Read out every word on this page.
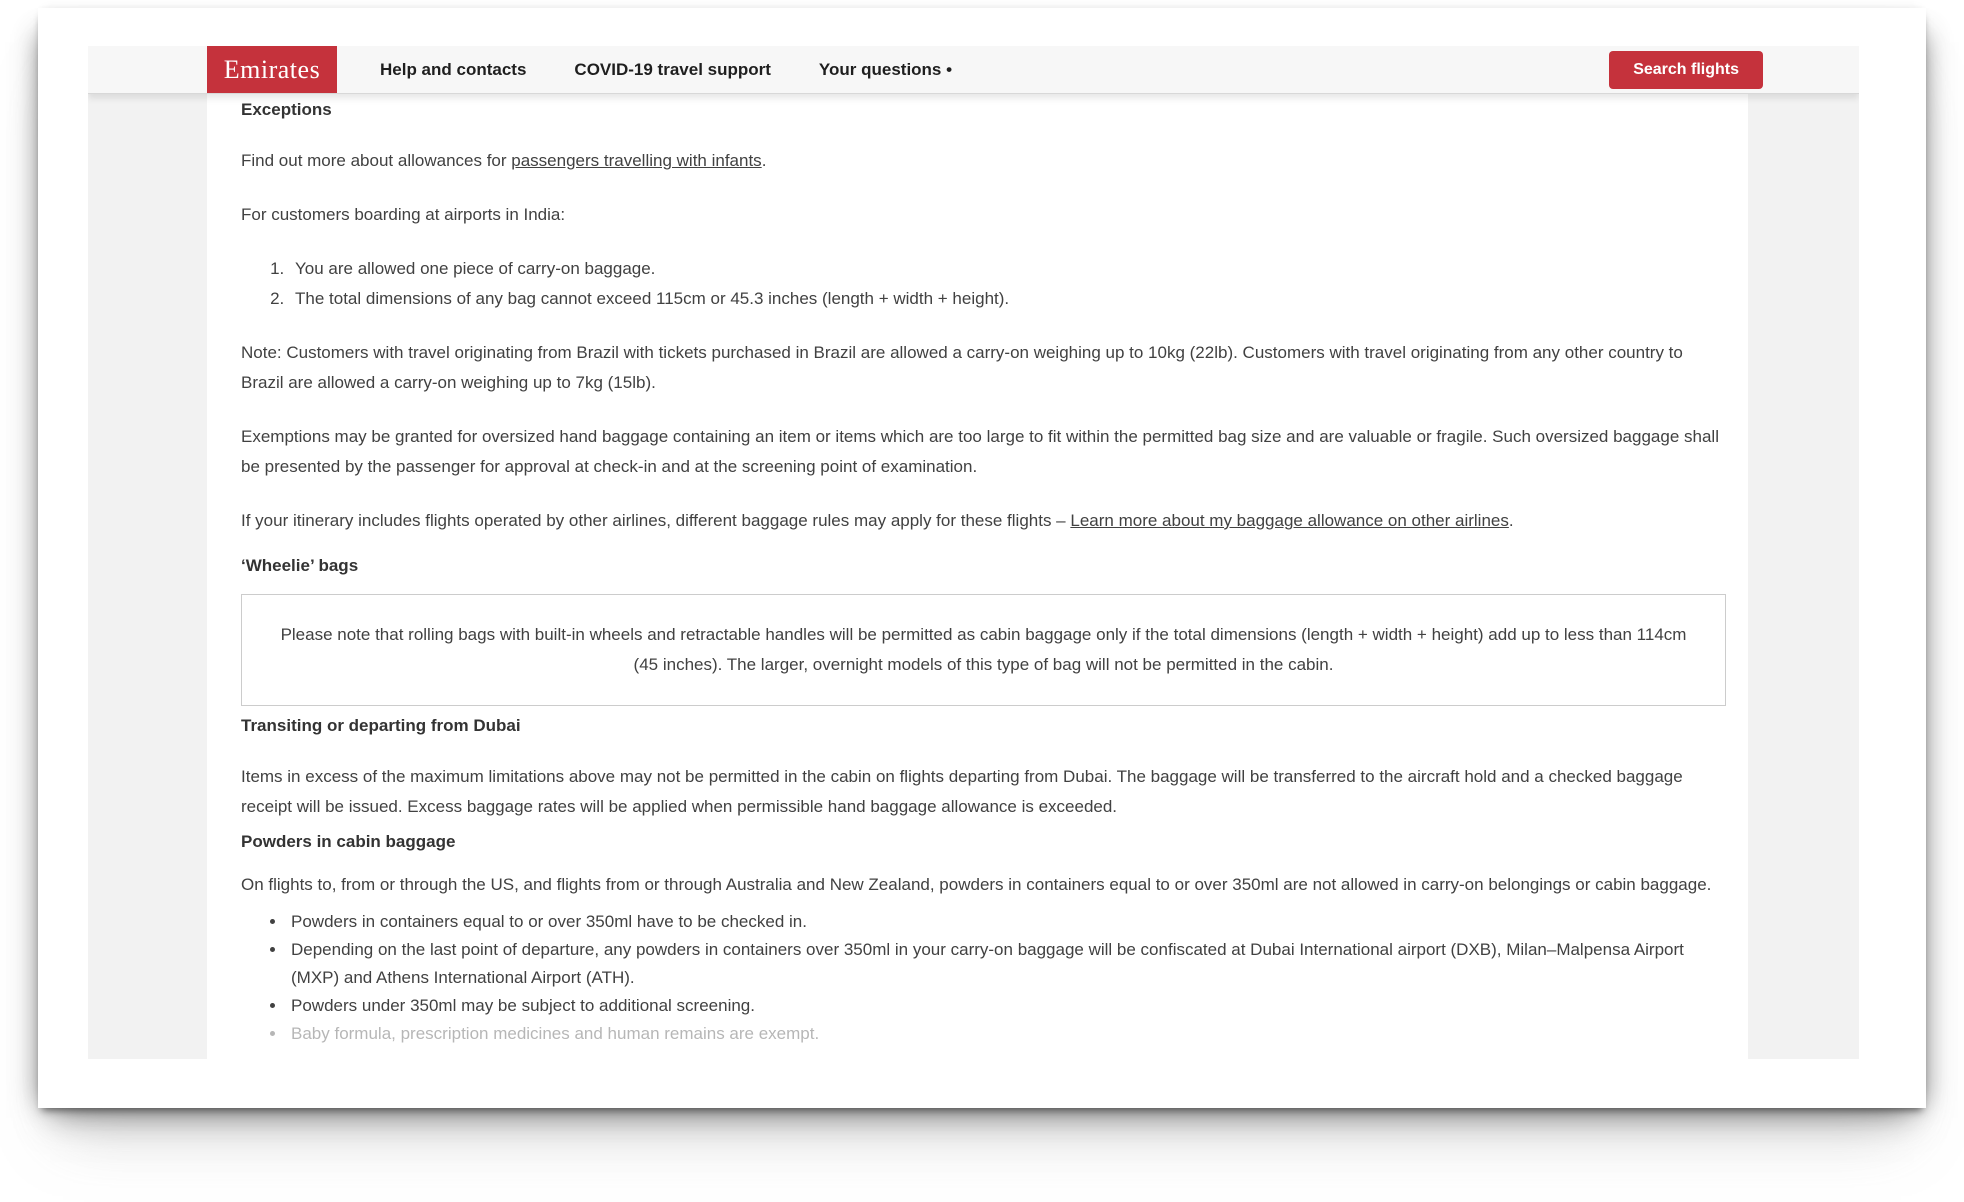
Emirates	Help and contacts	COVID-19 travel support	Your questions •	Search flights
Exceptions

Find out more about allowances for passengers travelling with infants.

For customers boarding at airports in India:

1. You are allowed one piece of carry-on baggage.
2. The total dimensions of any bag cannot exceed 115cm or 45.3 inches (length + width + height).

Note: Customers with travel originating from Brazil with tickets purchased in Brazil are allowed a carry-on weighing up to 10kg (22lb). Customers with travel originating from any other country to Brazil are allowed a carry-on weighing up to 7kg (15lb).

Exemptions may be granted for oversized hand baggage containing an item or items which are too large to fit within the permitted bag size and are valuable or fragile. Such oversized baggage shall be presented by the passenger for approval at check-in and at the screening point of examination.

If your itinerary includes flights operated by other airlines, different baggage rules may apply for these flights – Learn more about my baggage allowance on other airlines.

‘Wheelie’ bags

Please note that rolling bags with built-in wheels and retractable handles will be permitted as cabin baggage only if the total dimensions (length + width + height) add up to less than 114cm (45 inches). The larger, overnight models of this type of bag will not be permitted in the cabin.

Transiting or departing from Dubai

Items in excess of the maximum limitations above may not be permitted in the cabin on flights departing from Dubai. The baggage will be transferred to the aircraft hold and a checked baggage receipt will be issued. Excess baggage rates will be applied when permissible hand baggage allowance is exceeded.

Powders in cabin baggage

On flights to, from or through the US, and flights from or through Australia and New Zealand, powders in containers equal to or over 350ml are not allowed in carry-on belongings or cabin baggage.

• Powders in containers equal to or over 350ml have to be checked in.
• Depending on the last point of departure, any powders in containers over 350ml in your carry-on baggage will be confiscated at Dubai International airport (DXB), Milan–Malpensa Airport (MXP) and Athens International Airport (ATH).
• Powders under 350ml may be subject to additional screening.
• Baby formula, prescription medicines and human remains are exempt.
